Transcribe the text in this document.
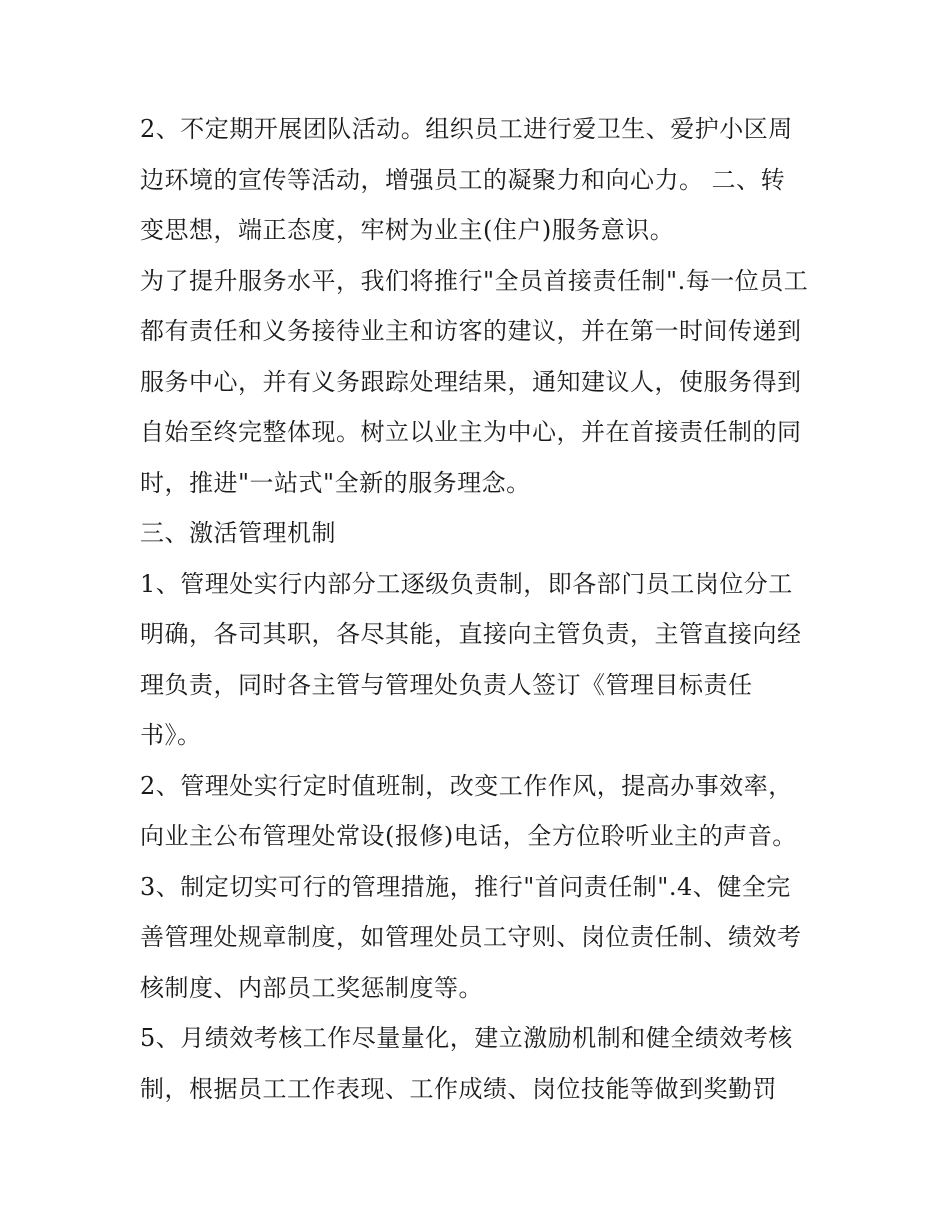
2、不定期开展团队活动。组织员工进行爱卫生、爱护小区周
边环境的宣传等活动，增强员工的凝聚力和向心力。 二、转
变思想，端正态度，牢树为业主(住户)服务意识。
为了提升服务水平，我们将推行"全员首接责任制".每一位员工
都有责任和义务接待业主和访客的建议，并在第一时间传递到
服务中心，并有义务跟踪处理结果，通知建议人，使服务得到
自始至终完整体现。树立以业主为中心，并在首接责任制的同
时，推进"一站式"全新的服务理念。
三、激活管理机制
1、管理处实行内部分工逐级负责制，即各部门员工岗位分工
明确，各司其职，各尽其能，直接向主管负责，主管直接向经
理负责，同时各主管与管理处负责人签订《管理目标责任
书》。
2、管理处实行定时值班制，改变工作作风，提高办事效率，
向业主公布管理处常设(报修)电话，全方位聆听业主的声音。
3、制定切实可行的管理措施，推行"首问责任制".4、健全完
善管理处规章制度，如管理处员工守则、岗位责任制、绩效考
核制度、内部员工奖惩制度等。
5、月绩效考核工作尽量量化，建立激励机制和健全绩效考核
制，根据员工工作表现、工作成绩、岗位技能等做到奖勤罚
